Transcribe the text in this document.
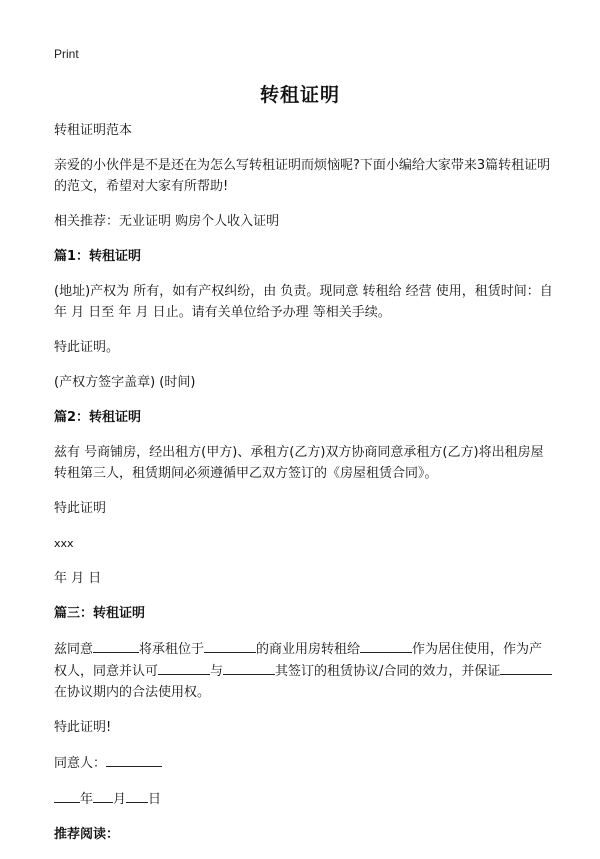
Print
转租证明

转租证明范本

亲爱的小伙伴是不是还在为怎么写转租证明而烦恼呢?下面小编给大家带来3篇转租证明的范文，希望对大家有所帮助!

相关推荐：无业证明 购房个人收入证明

篇1：转租证明

(地址)产权为 所有，如有产权纠纷，由 负责。现同意 转租给 经营 使用，租赁时间：自 年 月 日至 年 月 日止。请有关单位给予办理 等相关手续。

特此证明。

(产权方签字盖章) (时间)

篇2：转租证明

兹有 号商铺房，经出租方(甲方)、承租方(乙方)双方协商同意承租方(乙方)将出租房屋转租第三人，租赁期间必须遵循甲乙双方签订的《房屋租赁合同》。

特此证明

xxx

年 月 日

篇三：转租证明

兹同意	将承租位于	的商业用房转租给	作为居住使用，作为产权人，同意并认可	与	其签订的租赁协议/合同的效力，并保证在协议期内的合法使用权。

特此证明!

同意人：

年 月 日

推荐阅读：
